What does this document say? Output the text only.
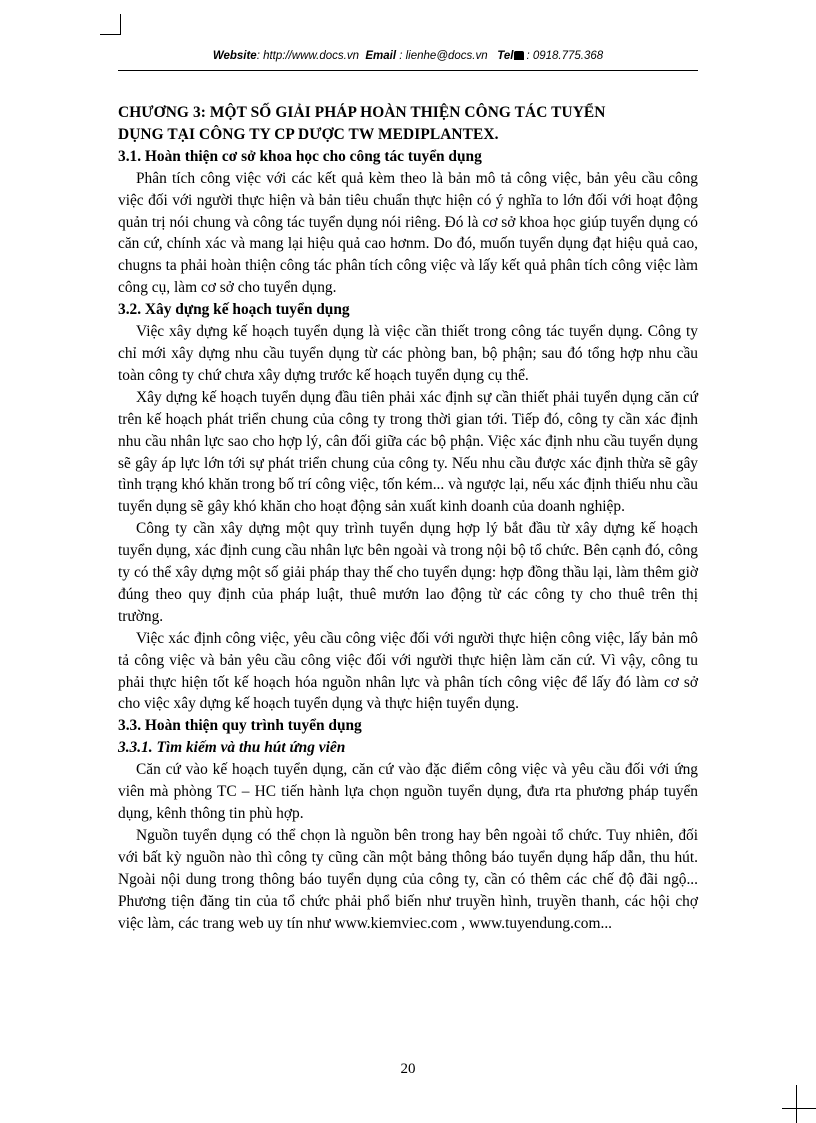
Website: http://www.docs.vn Email : lienhe@docs.vn Tel : 0918.775.368
CHƯƠNG 3: MỘT SỐ GIẢI PHÁP HOÀN THIỆN CÔNG TÁC TUYỂN
DỤNG TẠI CÔNG TY CP DƯỢC TW MEDIPLANTEX.
3.1. Hoàn thiện cơ sở khoa học cho công tác tuyển dụng

Phân tích công việc với các kết quả kèm theo là bản mô tả công việc, bản yêu cầu công việc đối với người thực hiện và bản tiêu chuẩn thực hiện có ý nghĩa to lớn đối với hoạt động quản trị nói chung và công tác tuyển dụng nói riêng. Đó là cơ sở khoa học giúp tuyển dụng có căn cứ, chính xác và mang lại hiệu quả cao hơnm. Do đó, muốn tuyển dụng đạt hiệu quả cao, chugns ta phải hoàn thiện công tác phân tích công việc và lấy kết quả phân tích công việc làm công cụ, làm cơ sở cho tuyển dụng.

3.2. Xây dựng kế hoạch tuyển dụng

Việc xây dựng kế hoạch tuyển dụng là việc cần thiết trong công tác tuyển dụng. Công ty chỉ mới xây dựng nhu cầu tuyển dụng từ các phòng ban, bộ phận; sau đó tổng hợp nhu cầu toàn công ty chứ chưa xây dựng trước kế hoạch tuyển dụng cụ thể.

Xây dựng kế hoạch tuyển dụng đầu tiên phải xác định sự cần thiết phải tuyển dụng căn cứ trên kế hoạch phát triển chung của công ty trong thời gian tới. Tiếp đó, công ty cần xác định nhu cầu nhân lực sao cho hợp lý, cân đối giữa các bộ phận. Việc xác định nhu cầu tuyển dụng sẽ gây áp lực lớn tới sự phát triển chung của công ty. Nếu nhu cầu được xác định thừa sẽ gây tình trạng khó khăn trong bố trí công việc, tốn kém... và ngược lại, nếu xác định thiếu nhu cầu tuyển dụng sẽ gây khó khăn cho hoạt động sản xuất kinh doanh của doanh nghiệp.

Công ty cần xây dựng một quy trình tuyển dụng hợp lý bắt đầu từ xây dựng kế hoạch tuyển dụng, xác định cung cầu nhân lực bên ngoài và trong nội bộ tổ chức. Bên cạnh đó, công ty có thể xây dựng một số giải pháp thay thế cho tuyển dụng: hợp đồng thầu lại, làm thêm giờ đúng theo quy định của pháp luật, thuê mướn lao động từ các công ty cho thuê trên thị trường.

Việc xác định công việc, yêu cầu công việc đối với người thực hiện công việc, lấy bản mô tả công việc và bản yêu cầu công việc đối với người thực hiện làm căn cứ. Vì vậy, công tu phải thực hiện tốt kế hoạch hóa nguồn nhân lực và phân tích công việc để lấy đó làm cơ sở cho việc xây dựng kế hoạch tuyển dụng và thực hiện tuyển dụng.

3.3. Hoàn thiện quy trình tuyển dụng
3.3.1. Tìm kiếm và thu hút ứng viên

Căn cứ vào kế hoạch tuyển dụng, căn cứ vào đặc điểm công việc và yêu cầu đối với ứng viên mà phòng TC – HC tiến hành lựa chọn nguồn tuyển dụng, đưa rta phương pháp tuyển dụng, kênh thông tin phù hợp.

Nguồn tuyển dụng có thể chọn là nguồn bên trong hay bên ngoài tổ chức. Tuy nhiên, đối với bất kỳ nguồn nào thì công ty cũng cần một bảng thông báo tuyển dụng hấp dẫn, thu hút. Ngoài nội dung trong thông báo tuyển dụng của công ty, cần có thêm các chế độ đãi ngộ... Phương tiện đăng tin của tổ chức phải phổ biến như truyền hình, truyền thanh, các hội chợ việc làm, các trang web uy tín như www.kiemviec.com , www.tuyendung.com...

20
